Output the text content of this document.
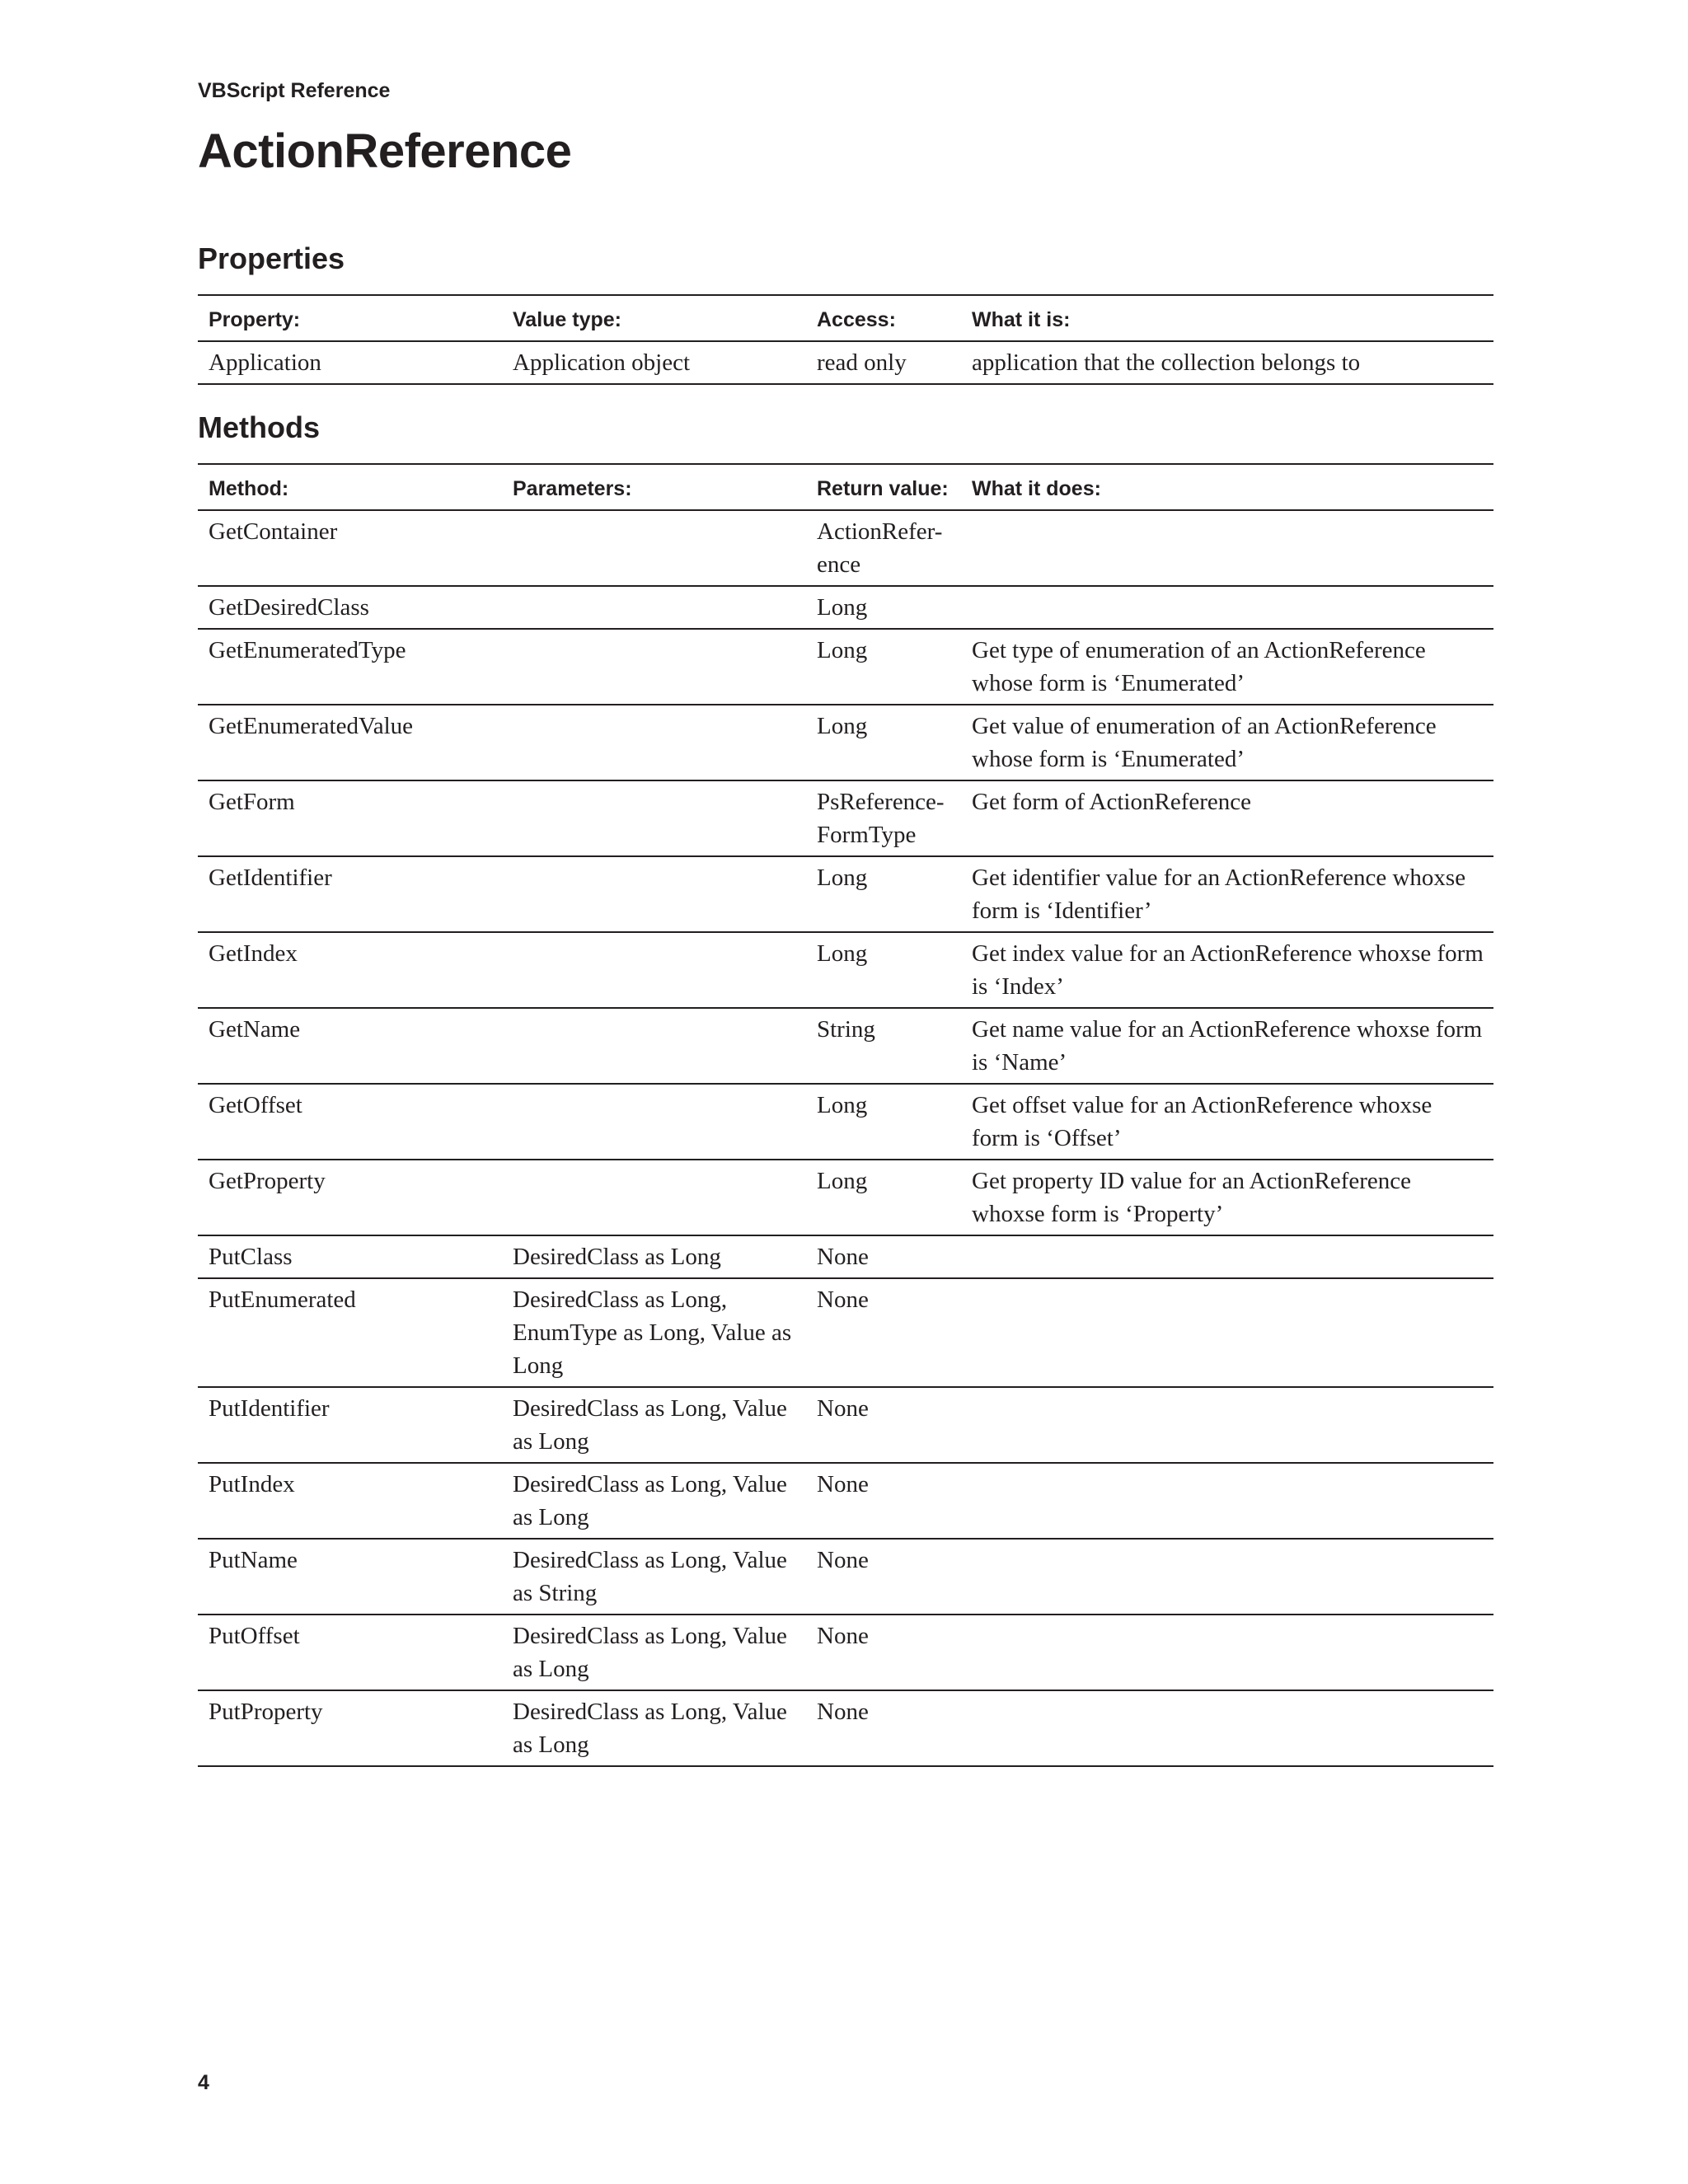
VBScript Reference

ActionReference
Properties
Property:	Value type:	Access:	What it is:
Application	Application object	read only	application that the collection belongs to
Methods
Method:	Parameters:	Return value:	What it does:
GetContainer		ActionRefer-ence	
GetDesiredClass		Long	
GetEnumeratedType		Long	Get type of enumeration of an ActionReference whose form is ‘Enumerated’
GetEnumeratedValue		Long	Get value of enumeration of an ActionReference whose form is ‘Enumerated’
GetForm		PsReference-FormType	Get form of ActionReference
GetIdentifier		Long	Get identifier value for an ActionReference whoxse form is ‘Identifier’
GetIndex		Long	Get index value for an ActionReference whoxse form is ‘Index’
GetName		String	Get name value for an ActionReference whoxse form is ‘Name’
GetOffset		Long	Get offset value for an ActionReference whoxse form is ‘Offset’
GetProperty		Long	Get property ID value for an ActionReference whoxse form is ‘Property’
PutClass	DesiredClass as Long	None	
PutEnumerated	DesiredClass as Long, EnumType as Long, Value as Long	None	
PutIdentifier	DesiredClass as Long, Value as Long	None	
PutIndex	DesiredClass as Long, Value as Long	None	
PutName	DesiredClass as Long, Value as String	None	
PutOffset	DesiredClass as Long, Value as Long	None	
PutProperty	DesiredClass as Long, Value as Long	None	

4
